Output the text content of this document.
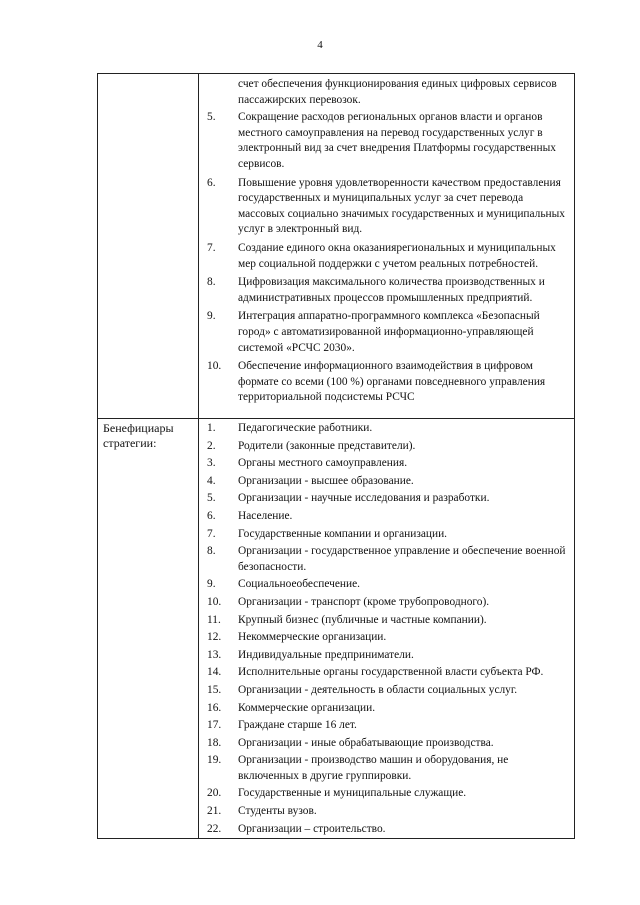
4
счет обеспечения функционирования единых цифровых сервисов пассажирских перевозок.
5. Сокращение расходов региональных органов власти и органов местного самоуправления на перевод государственных услуг в электронный вид за счет внедрения Платформы государственных сервисов.
6. Повышение уровня удовлетворенности качеством предоставления государственных и муниципальных услуг за счет перевода массовых социально значимых государственных и муниципальных услуг в электронный вид.
7. Создание единого окна оказаниярегиональных и муниципальных мер социальной поддержки с учетом реальных потребностей.
8. Цифровизация максимального количества производственных и административных процессов промышленных предприятий.
9. Интеграция аппаратно-программного комплекса «Безопасный город» с автоматизированной информационно-управляющей системой «РСЧС 2030».
10. Обеспечение информационного взаимодействия в цифровом формате со всеми (100 %) органами повседневного управления территориальной подсистемы РСЧС
Бенефициары стратегии:
1. Педагогические работники.
2. Родители (законные представители).
3. Органы местного самоуправления.
4. Организации - высшее образование.
5. Организации - научные исследования и разработки.
6. Население.
7. Государственные компании и организации.
8. Организации - государственное управление и обеспечение военной безопасности.
9. Социальноеобеспечение.
10. Организации - транспорт (кроме трубопроводного).
11. Крупный бизнес (публичные и частные компании).
12. Некоммерческие организации.
13. Индивидуальные предприниматели.
14. Исполнительные органы государственной власти субъекта РФ.
15. Организации - деятельность в области социальных услуг.
16. Коммерческие организации.
17. Граждане старше 16 лет.
18. Организации - иные обрабатывающие производства.
19. Организации - производство машин и оборудования, не включенных в другие группировки.
20. Государственные и муниципальные служащие.
21. Студенты вузов.
22. Организации – строительство.
